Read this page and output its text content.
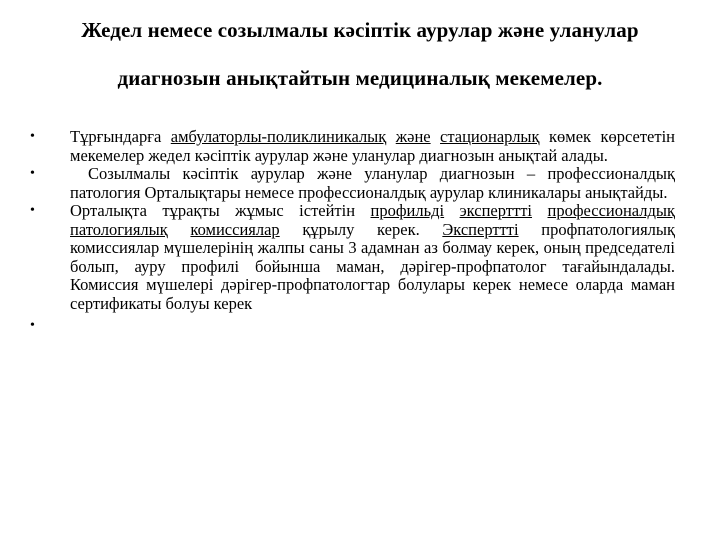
Жедел немесе созылмалы кәсіптік аурулар және уланулар
диагнозын анықтайтын медициналық мекемелер.
•	Тұрғындарға амбулаторлы-поликлиникалық және стационарлық көмек көрсететін мекемелер жедел кәсіптік аурулар және уланулар диагнозын анықтай алады.
•	Созылмалы кәсіптік аурулар және уланулар диагнозын – профессионалдық патология Орталықтары немесе профессионалдық аурулар клиникалары анықтайды.
•	Орталықта тұрақты жұмыс істейтін профильді эксперттті профессионалдық патологиялық комиссиялар құрылу керек. Эксперттті профпатологиялық комиссиялар мүшелерінің жалпы саны 3 адамнан аз болмау керек, оның председателі болып, ауру профилі бойынша маман, дәрігер-профпатолог тағайындалады. Комиссия мүшелері дәрігер-профпатологтар болулары керек немесе оларда маман сертификаты болуы керек
•
